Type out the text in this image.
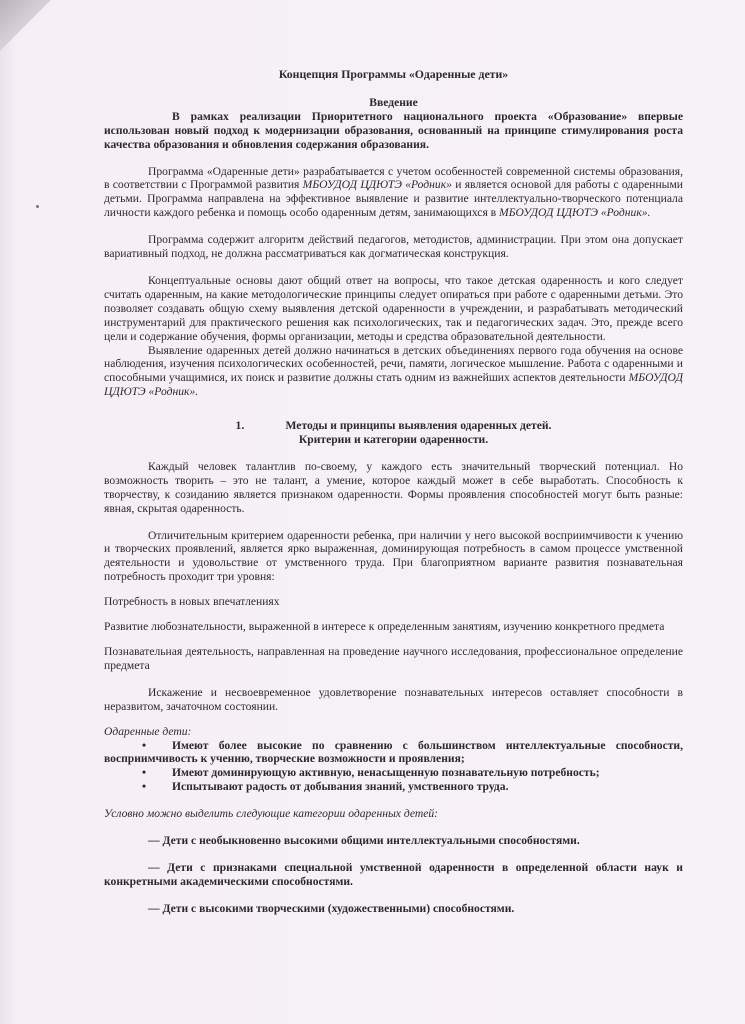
Концепция Программы «Одаренные дети»
Введение

В рамках реализации Приоритетного национального проекта «Образование» впервые использован новый подход к модернизации образования, основанный на принципе стимулирования роста качества образования и обновления содержания образования.

Программа «Одаренные дети» разрабатывается с учетом особенностей современной системы образования, в соответствии с Программой развития МБОУДОД ЦДЮТЭ «Родник» и является основой для работы с одаренными детьми. Программа направлена на эффективное выявление и развитие интеллектуально-творческого потенциала личности каждого ребенка и помощь особо одаренным детям, занимающихся в МБОУДОД ЦДЮТЭ «Родник».

Программа содержит алгоритм действий педагогов, методистов, администрации. При этом она допускает вариативный подход, не должна рассматриваться как догматическая конструкция.

Концептуальные основы дают общий ответ на вопросы, что такое детская одаренность и кого следует считать одаренным, на какие методологические принципы следует опираться при работе с одаренными детьми. Это позволяет создавать общую схему выявления детской одаренности в учреждении, и разрабатывать методический инструментарий для практического решения как психологических, так и педагогических задач. Это, прежде всего цели и содержание обучения, формы организации, методы и средства образовательной деятельности.

Выявление одаренных детей должно начинаться в детских объединениях первого года обучения на основе наблюдения, изучения психологических особенностей, речи, памяти, логическое мышление. Работа с одаренными и способными учащимися, их поиск и развитие должны стать одним из важнейших аспектов деятельности МБОУДОД ЦДЮТЭ «Родник».

1.	Методы и принципы выявления одаренных детей.
Критерии и категории одаренности.

Каждый человек талантлив по-своему, у каждого есть значительный творческий потенциал. Но возможность творить – это не талант, а умение, которое каждый может в себе выработать. Способность к творчеству, к созиданию является признаком одаренности. Формы проявления способностей могут быть разные: явная, скрытая одаренность.

Отличительным критерием одаренности ребенка, при наличии у него высокой восприимчивости к учению и творческих проявлений, является ярко выраженная, доминирующая потребность в самом процессе умственной деятельности и удовольствие от умственного труда. При благоприятном варианте развития познавательная потребность проходит три уровня:

Потребность в новых впечатлениях

Развитие любознательности, выраженной в интересе к определенным занятиям, изучению конкретного предмета

Познавательная деятельность, направленная на проведение научного исследования, профессиональное определение предмета

Искажение и несвоевременное удовлетворение познавательных интересов оставляет способности в неразвитом, зачаточном состоянии.

Одаренные дети:

•	Имеют более высокие по сравнению с большинством интеллектуальные способности, восприимчивость к учению, творческие возможности и проявления;
•	Имеют доминирующую активную, ненасыщенную познавательную потребность;
•	Испытывают радость от добывания знаний, умственного труда.

Условно можно выделить следующие категории одаренных детей:

— Дети с необыкновенно высокими общими интеллектуальными способностями.

— Дети с признаками специальной умственной одаренности в определенной области наук и конкретными академическими способностями.

— Дети с высокими творческими (художественными) способностями.
